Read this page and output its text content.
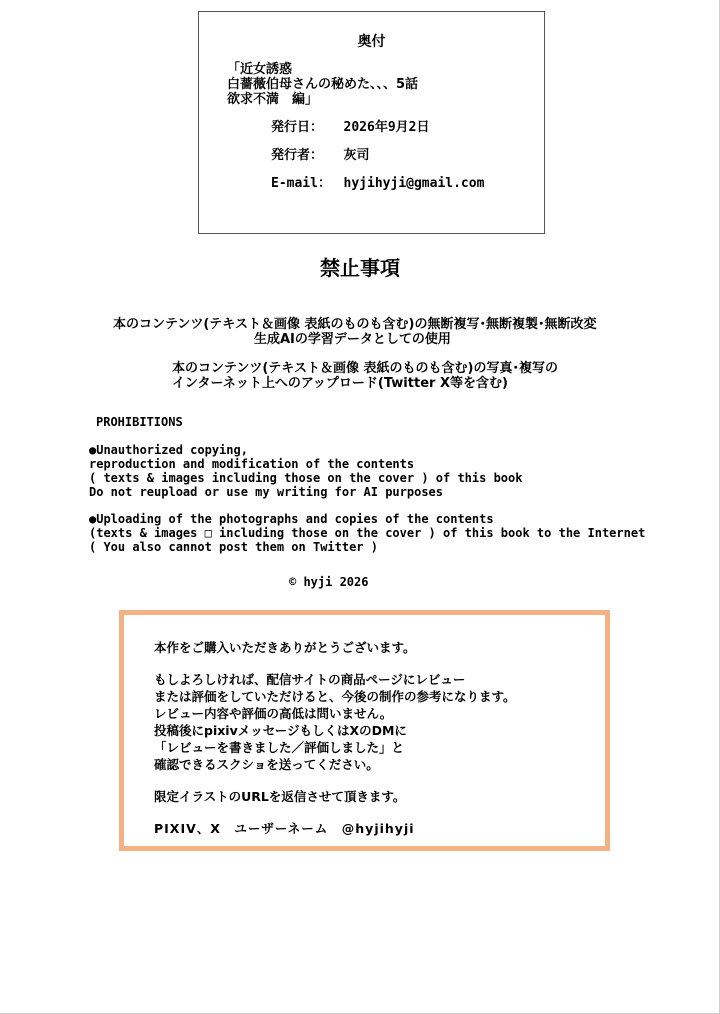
奥付
「近女誘惑
白薔薇伯母さんの秘めた、、、5話
欲求不満　編」
発行日： 2026年9月2日
発行者： 灰司
E-mail： hyjihyji@gmail.com
禁止事項
本のコンテンツ(テキスト＆画像 表紙のものも含む)の無断複写･無断複製･無断改変
生成AIの学習データとしての使用
本のコンテンツ(テキスト＆画像 表紙のものも含む)の写真･複写の
インターネット上へのアップロード(Twitter X等を含む)
PROHIBITIONS
●Unauthorized copying,
reproduction and modification of the contents
( texts & images including those on the cover ) of this book
Do not reupload or use my writing for AI purposes
●Uploading of the photographs and copies of the contents
(texts & images □ including those on the cover ) of this book to the Internet
( You also cannot post them on Twitter )
© hyji 2026
本作をご購入いただきありがとうございます。
もしよろしければ、配信サイトの商品ページにレビュー
または評価をしていただけると、今後の制作の参考になります。
レビュー内容や評価の高低は問いません。
投稿後にpixivメッセージもしくはXのDMに
「レビューを書きました／評価しました」と
確認できるスクショを送ってください。
限定イラストのURLを返信させて頂きます。
PIXIV、X　ユーザーネーム　@hyjihyji
